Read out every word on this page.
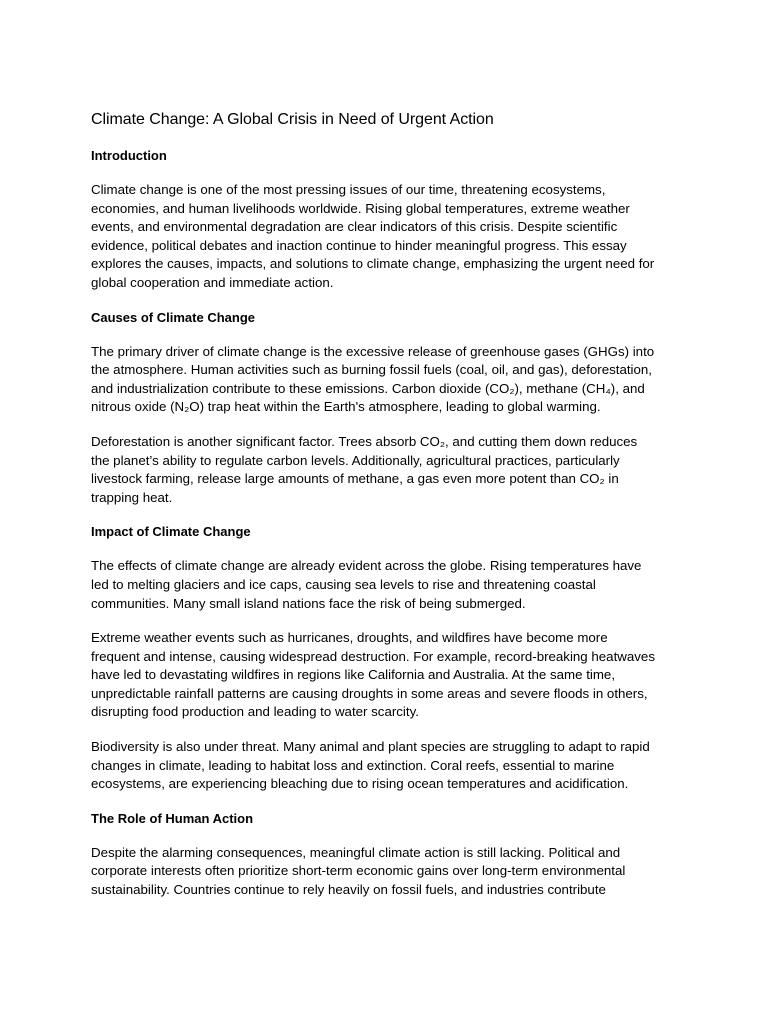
Climate Change: A Global Crisis in Need of Urgent Action
Introduction

Climate change is one of the most pressing issues of our time, threatening ecosystems,
economies, and human livelihoods worldwide. Rising global temperatures, extreme weather
events, and environmental degradation are clear indicators of this crisis. Despite scientific
evidence, political debates and inaction continue to hinder meaningful progress. This essay
explores the causes, impacts, and solutions to climate change, emphasizing the urgent need for
global cooperation and immediate action.

Causes of Climate Change

The primary driver of climate change is the excessive release of greenhouse gases (GHGs) into
the atmosphere. Human activities such as burning fossil fuels (coal, oil, and gas), deforestation,
and industrialization contribute to these emissions. Carbon dioxide (CO₂), methane (CH₄), and
nitrous oxide (N₂O) trap heat within the Earth's atmosphere, leading to global warming.

Deforestation is another significant factor. Trees absorb CO₂, and cutting them down reduces
the planet’s ability to regulate carbon levels. Additionally, agricultural practices, particularly
livestock farming, release large amounts of methane, a gas even more potent than CO₂ in
trapping heat.

Impact of Climate Change

The effects of climate change are already evident across the globe. Rising temperatures have
led to melting glaciers and ice caps, causing sea levels to rise and threatening coastal
communities. Many small island nations face the risk of being submerged.

Extreme weather events such as hurricanes, droughts, and wildfires have become more
frequent and intense, causing widespread destruction. For example, record-breaking heatwaves
have led to devastating wildfires in regions like California and Australia. At the same time,
unpredictable rainfall patterns are causing droughts in some areas and severe floods in others,
disrupting food production and leading to water scarcity.

Biodiversity is also under threat. Many animal and plant species are struggling to adapt to rapid
changes in climate, leading to habitat loss and extinction. Coral reefs, essential to marine
ecosystems, are experiencing bleaching due to rising ocean temperatures and acidification.

The Role of Human Action

Despite the alarming consequences, meaningful climate action is still lacking. Political and
corporate interests often prioritize short-term economic gains over long-term environmental
sustainability. Countries continue to rely heavily on fossil fuels, and industries contribute
